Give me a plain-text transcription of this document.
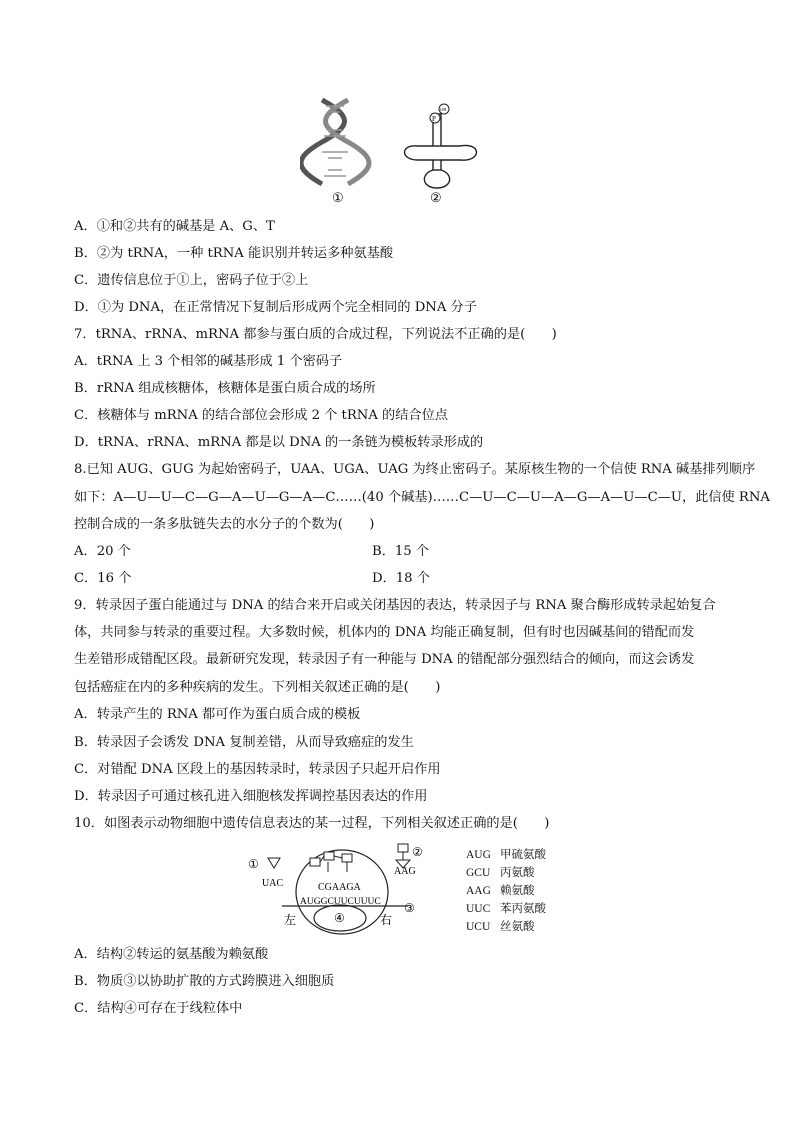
①
P
OH
②
A．①和②共有的碱基是 A、G、T
B．②为 tRNA，一种 tRNA 能识别并转运多种氨基酸
C．遗传信息位于①上，密码子位于②上
D．①为 DNA，在正常情况下复制后形成两个完全相同的 DNA 分子
7．tRNA、rRNA、mRNA 都参与蛋白质的合成过程，下列说法不正确的是(　　)
A．tRNA 上 3 个相邻的碱基形成 1 个密码子
B．rRNA 组成核糖体，核糖体是蛋白质合成的场所
C．核糖体与 mRNA 的结合部位会形成 2 个 tRNA 的结合位点
D．tRNA、rRNA、mRNA 都是以 DNA 的一条链为模板转录形成的
8.已知 AUG、GUG 为起始密码子，UAA、UGA、UAG 为终止密码子。某原核生物的一个信使 RNA 碱基排列顺序
如下：A—U—U—C—G—A—U—G—A—C……(40 个碱基)……C—U—C—U—A—G—A—U—C—U，此信使 RNA
控制合成的一条多肽链失去的水分子的个数为(　　)
A．20 个	B．15 个
C．16 个	D．18 个
9．转录因子蛋白能通过与 DNA 的结合来开启或关闭基因的表达，转录因子与 RNA 聚合酶形成转录起始复合
体，共同参与转录的重要过程。大多数时候，机体内的 DNA 均能正确复制，但有时也因碱基间的错配而发
生差错形成错配区段。最新研究发现，转录因子有一种能与 DNA 的错配部分强烈结合的倾向，而这会诱发
包括癌症在内的多种疾病的发生。下列相关叙述正确的是(　　)
A．转录产生的 RNA 都可作为蛋白质合成的模板
B．转录因子会诱发 DNA 复制差错，从而导致癌症的发生
C．对错配 DNA 区段上的基因转录时，转录因子只起开启作用
D．转录因子可通过核孔进入细胞核发挥调控基因表达的作用
10．如图表示动物细胞中遗传信息表达的某一过程，下列相关叙述正确的是(　　)
①
②
UAC
AAG
CGAAGA
AUGGCUUCUUUC ③
④
左	右
AUG 甲硫氨酸
GCU 丙氨酸
AAG 赖氨酸
UUC 苯丙氨酸
UCU 丝氨酸
A．结构②转运的氨基酸为赖氨酸
B．物质③以协助扩散的方式跨膜进入细胞质
C．结构④可存在于线粒体中
